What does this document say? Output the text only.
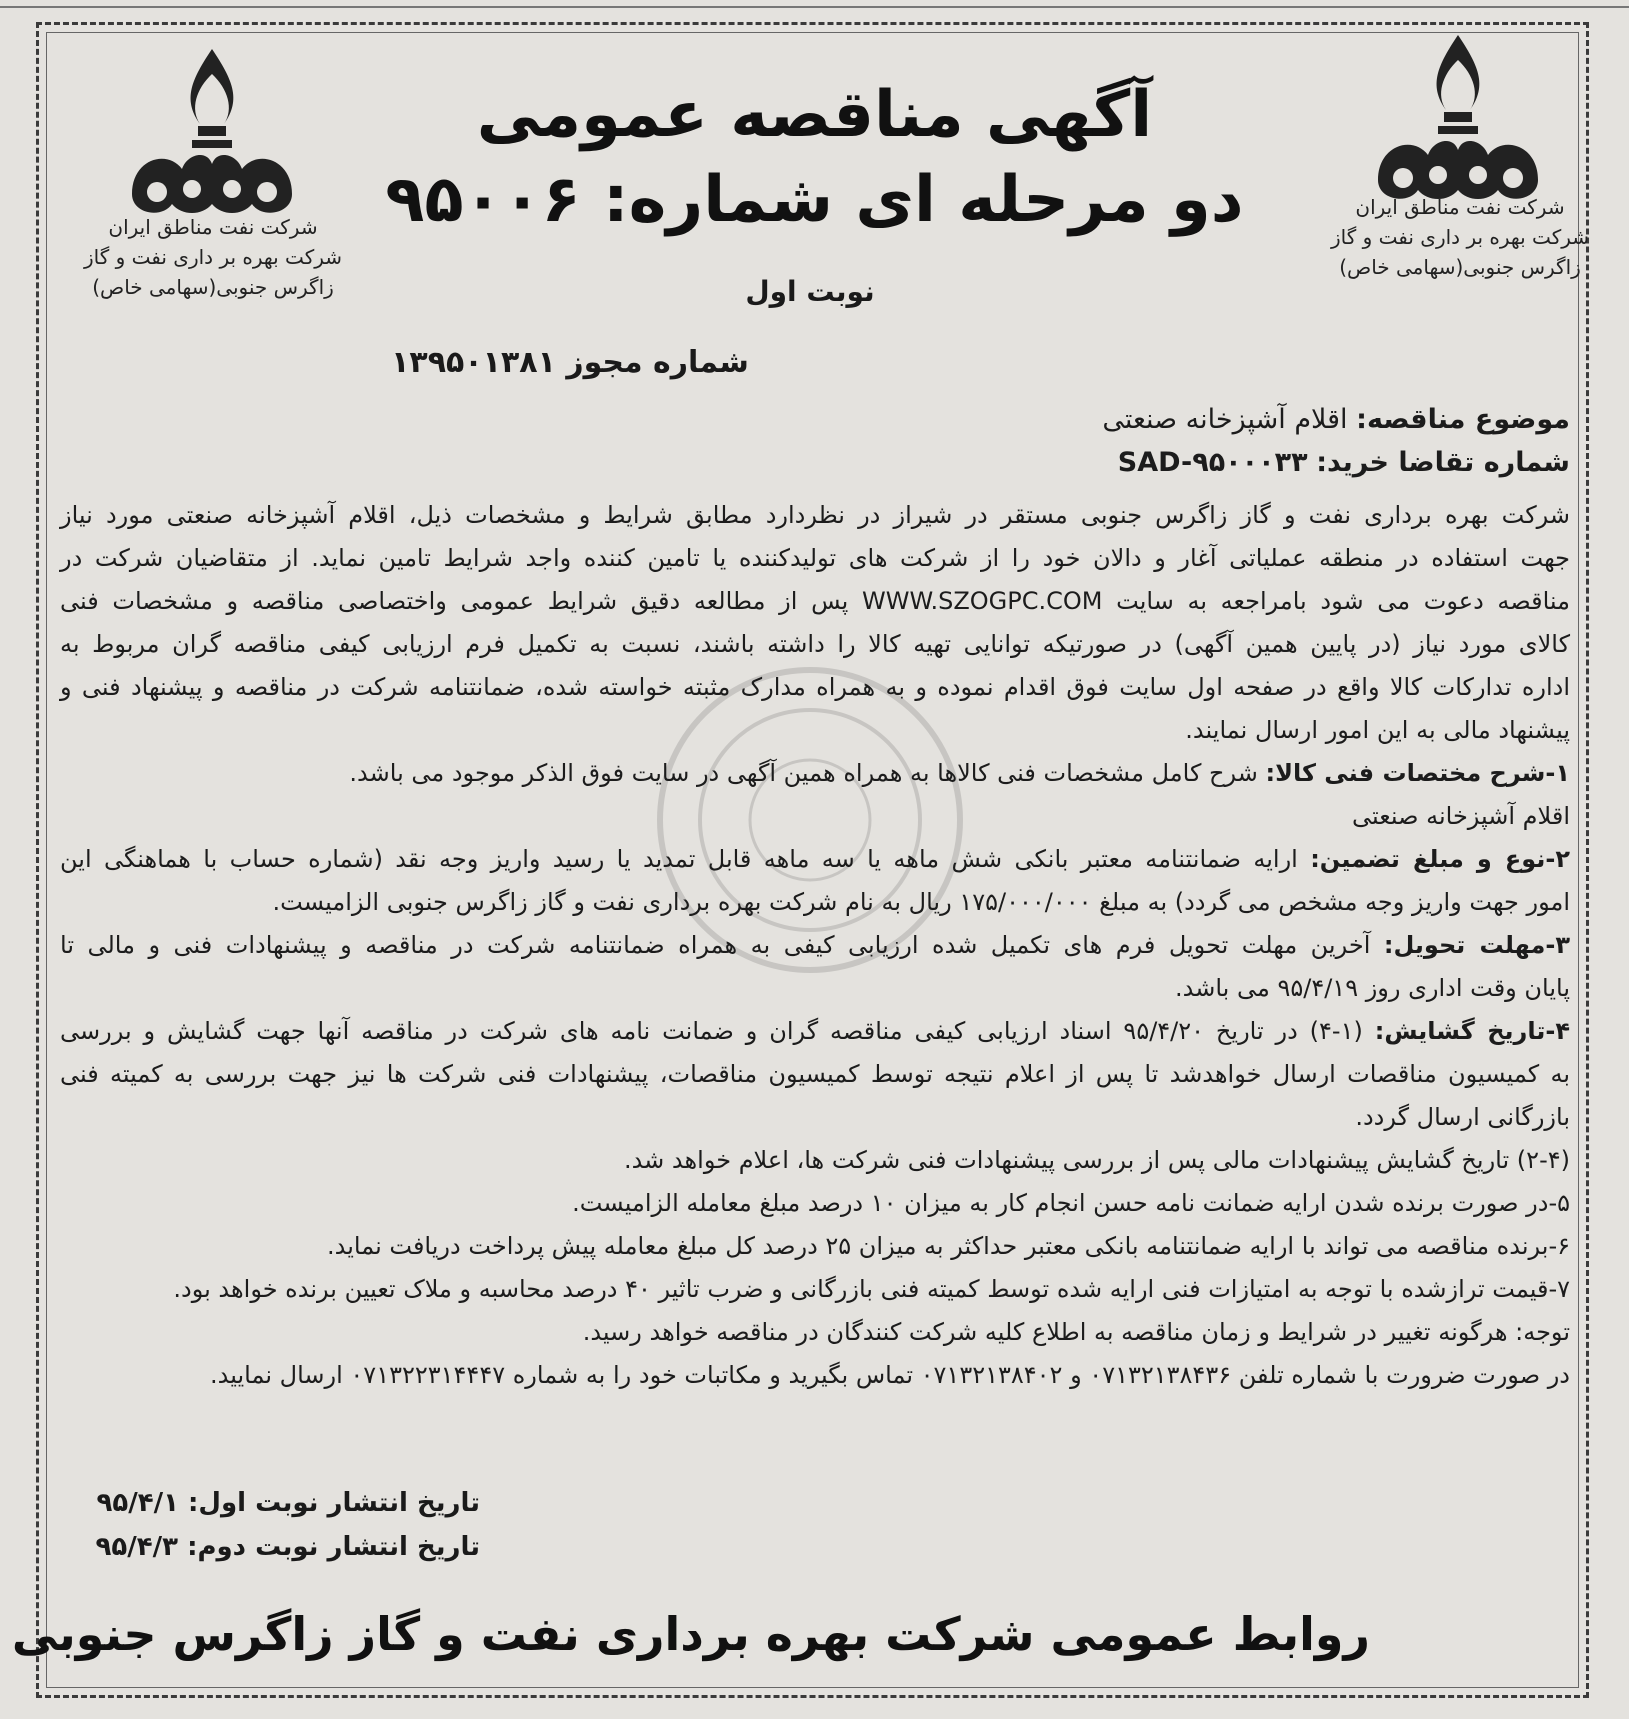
شرکت نفت مناطق ایران
شرکت بهره بر داری نفت و گاز
زاگرس جنوبی(سهامی خاص)
شرکت نفت مناطق ایران
شرکت بهره بر داری نفت و گاز
زاگرس جنوبی(سهامی خاص)
آگهی مناقصه عمومی
دو مرحله ای شماره: ۹۵۰۰۶
نوبت اول
شماره مجوز ۱۳۹۵۰۱۳۸۱
موضوع مناقصه: اقلام آشپزخانه صنعتی
شماره تقاضا خرید: SAD-۹۵۰۰۰۳۳
شرکت بهره برداری نفت و گاز زاگرس جنوبی مستقر در شیراز در نظردارد مطابق شرایط و مشخصات ذیل، اقلام آشپزخانه صنعتی مورد نیاز
جهت استفاده در منطقه عملیاتی آغار و دالان خود را از شرکت های تولیدکننده یا تامین کننده واجد شرایط تامین نماید. از متقاضیان شرکت در
مناقصه دعوت می شود بامراجعه به سایت WWW.SZOGPC.COM پس از مطالعه دقیق شرایط عمومی واختصاصی مناقصه و مشخصات فنی
کالای مورد نیاز (در پایین همین آگهی) در صورتیکه توانایی تهیه کالا را داشته باشند، نسبت به تکمیل فرم ارزیابی کیفی مناقصه گران مربوط به
اداره تدارکات کالا واقع در صفحه اول سایت فوق اقدام نموده و به همراه مدارک مثبته خواسته شده، ضمانتنامه شرکت در مناقصه و پیشنهاد فنی و
پیشنهاد مالی به این امور ارسال نمایند.
۱-شرح مختصات فنی کالا: شرح کامل مشخصات فنی کالاها به همراه همین آگهی در سایت فوق الذکر موجود می باشد.
اقلام آشپزخانه صنعتی
۲-نوع و مبلغ تضمین: ارایه ضمانتنامه معتبر بانکی شش ماهه یا سه ماهه قابل تمدید یا رسید واریز وجه نقد (شماره حساب با هماهنگی این
امور جهت واریز وجه مشخص می گردد) به مبلغ ۱۷۵/۰۰۰/۰۰۰ ریال به نام شرکت بهره برداری نفت و گاز زاگرس جنوبی الزامیست.
۳-مهلت تحویل: آخرین مهلت تحویل فرم های تکمیل شده ارزیابی کیفی به همراه ضمانتنامه شرکت در مناقصه و پیشنهادات فنی و مالی تا
پایان وقت اداری روز ۹۵/۴/۱۹ می باشد.
۴-تاریخ گشایش: (۱-۴) در تاریخ ۹۵/۴/۲۰ اسناد ارزیابی کیفی مناقصه گران و ضمانت نامه های شرکت در مناقصه آنها جهت گشایش و بررسی
به کمیسیون مناقصات ارسال خواهدشد تا پس از اعلام نتیجه توسط کمیسیون مناقصات، پیشنهادات فنی شرکت ها نیز جهت بررسی به کمیته فنی
بازرگانی ارسال گردد.
(۲-۴) تاریخ گشایش پیشنهادات مالی پس از بررسی پیشنهادات فنی شرکت ها، اعلام خواهد شد.
۵-در صورت برنده شدن ارایه ضمانت نامه حسن انجام کار به میزان ۱۰ درصد مبلغ معامله الزامیست.
۶-برنده مناقصه می تواند با ارایه ضمانتنامه بانکی معتبر حداکثر به میزان ۲۵ درصد کل مبلغ معامله پیش پرداخت دریافت نماید.
۷-قیمت ترازشده با توجه به امتیازات فنی ارایه شده توسط کمیته فنی بازرگانی و ضرب تاثیر ۴۰ درصد محاسبه و ملاک تعیین برنده خواهد بود.
توجه: هرگونه تغییر در شرایط و زمان مناقصه به اطلاع کلیه شرکت کنندگان در مناقصه خواهد رسید.
در صورت ضرورت با شماره تلفن ۰۷۱۳۲۱۳۸۴۳۶ و ۰۷۱۳۲۱۳۸۴۰۲ تماس بگیرید و مکاتبات خود را به شماره ۰۷۱۳۲۲۳۱۴۴۴۷ ارسال نمایید.
تاریخ انتشار نوبت اول: ۹۵/۴/۱
تاریخ انتشار نوبت دوم: ۹۵/۴/۳
روابط عمومی شرکت بهره برداری نفت و گاز زاگرس جنوبی
